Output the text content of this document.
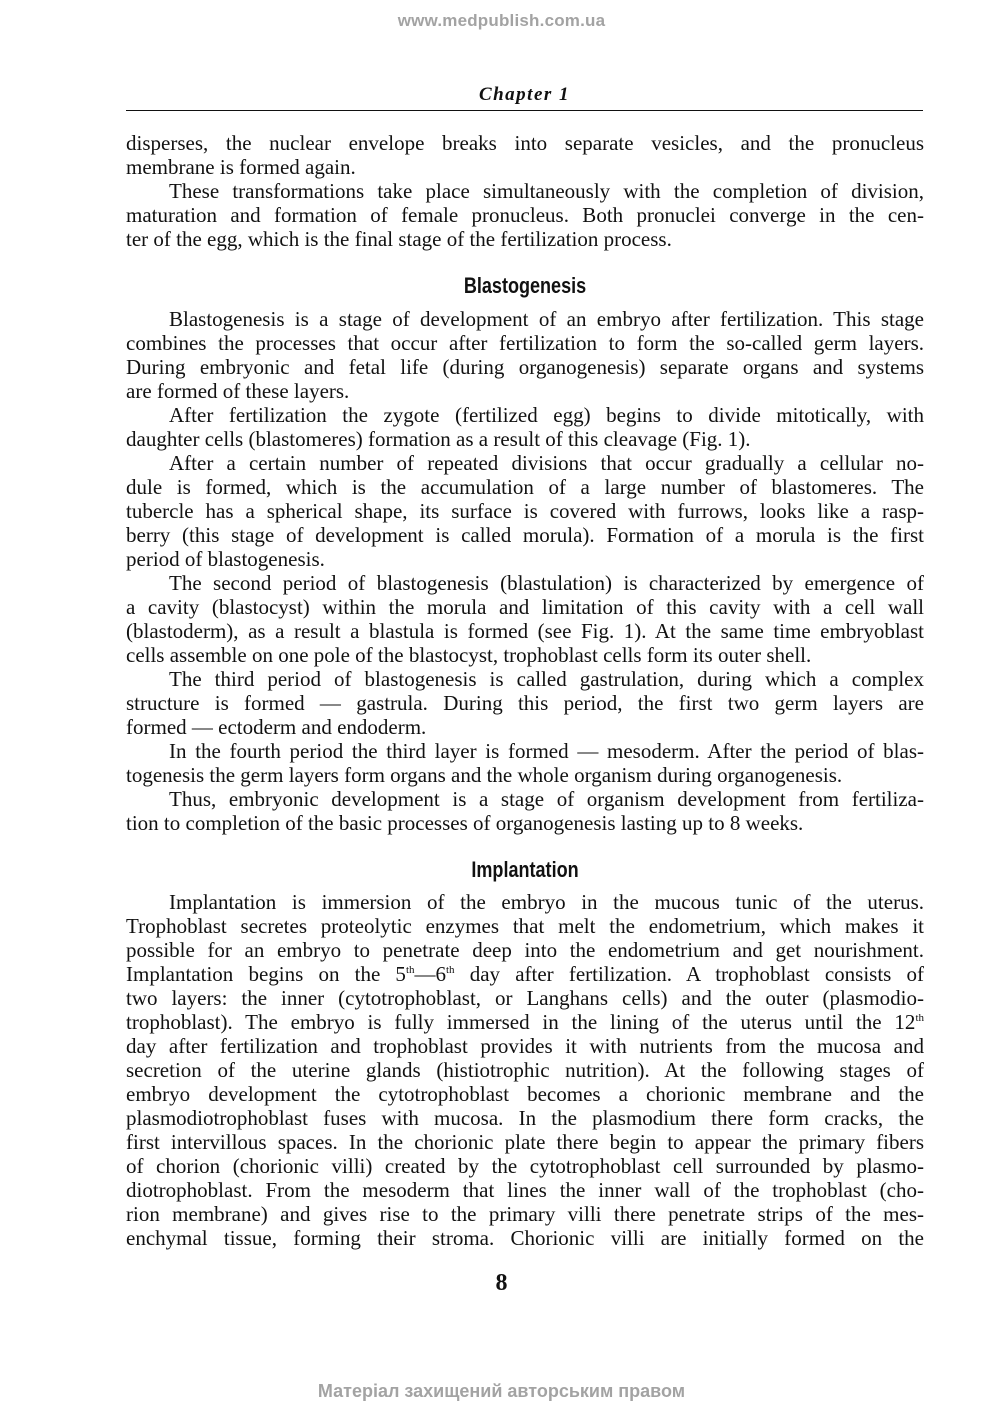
www.medpublish.com.ua
Chapter 1
disperses, the nuclear envelope breaks into separate vesicles, and the pronucleus
membrane is formed again.
These transformations take place simultaneously with the completion of division,
maturation and formation of female pronucleus. Both pronuclei converge in the cen-
ter of the egg, which is the final stage of the fertilization process.
Blastogenesis
Blastogenesis is a stage of development of an embryo after fertilization. This stage
combines the processes that occur after fertilization to form the so-called germ layers.
During embryonic and fetal life (during organogenesis) separate organs and systems
are formed of these layers.
After fertilization the zygote (fertilized egg) begins to divide mitotically, with
daughter cells (blastomeres) formation as a result of this cleavage (Fig. 1).
After a certain number of repeated divisions that occur gradually a cellular no-
dule is formed, which is the accumulation of a large number of blastomeres. The
tubercle has a spherical shape, its surface is covered with furrows, looks like a rasp-
berry (this stage of development is called morula). Formation of a morula is the first
period of blastogenesis.
The second period of blastogenesis (blastulation) is characterized by emergence of
a cavity (blastocyst) within the morula and limitation of this cavity with a cell wall
(blastoderm), as a result a blastula is formed (see Fig. 1). At the same time embryoblast
cells assemble on one pole of the blastocyst, trophoblast cells form its outer shell.
The third period of blastogenesis is called gastrulation, during which a complex
structure is formed — gastrula. During this period, the first two germ layers are
formed — ectoderm and endoderm.
In the fourth period the third layer is formed — mesoderm. After the period of blas-
togenesis the germ layers form organs and the whole organism during organogenesis.
Thus, embryonic development is a stage of organism development from fertiliza-
tion to completion of the basic processes of organogenesis lasting up to 8 weeks.
Implantation
Implantation is immersion of the embryo in the mucous tunic of the uterus.
Trophoblast secretes proteolytic enzymes that melt the endometrium, which makes it
possible for an embryo to penetrate deep into the endometrium and get nourishment.
Implantation begins on the 5th—6th day after fertilization. A trophoblast consists of
two layers: the inner (cytotrophoblast, or Langhans cells) and the outer (plasmodio-
trophoblast). The embryo is fully immersed in the lining of the uterus until the 12th
day after fertilization and trophoblast provides it with nutrients from the mucosa and
secretion of the uterine glands (histiotrophic nutrition). At the following stages of
embryo development the cytotrophoblast becomes a chorionic membrane and the
plasmodiotrophoblast fuses with mucosa. In the plasmodium there form cracks, the
first intervillous spaces. In the chorionic plate there begin to appear the primary fibers
of chorion (chorionic villi) created by the cytotrophoblast cell surrounded by plasmo-
diotrophoblast. From the mesoderm that lines the inner wall of the trophoblast (cho-
rion membrane) and gives rise to the primary villi there penetrate strips of the mes-
enchymal tissue, forming their stroma. Chorionic villi are initially formed on the
8
Матеріал захищений авторським правом
